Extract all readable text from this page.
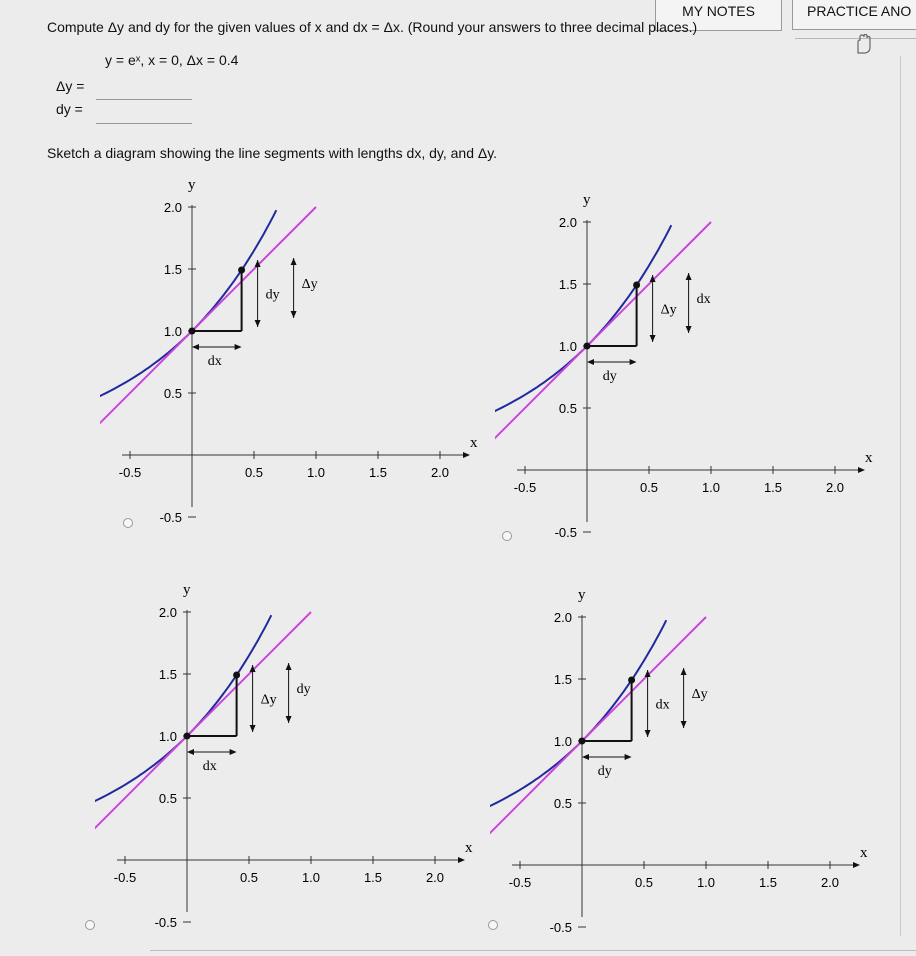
MY NOTES	PRACTICE ANO
Compute Δy and dy for the given values of x and dx = Δx. (Round your answers to three decimal places.)
y = eˣ, x = 0, Δx = 0.4
Δy =
dy =
Sketch a diagram showing the line segments with lengths dx, dy, and Δy.
x
y
-0.5	0.5	1.0	1.5	2.0
-0.5
0.5
1.0
1.5
2.0
dx
dy
Δy
x
y
-0.5	0.5	1.0	1.5	2.0
-0.5
0.5
1.0
1.5
2.0
dy
Δy
dx
x
y
-0.5	0.5	1.0	1.5	2.0
-0.5
0.5
1.0
1.5
2.0
dx
Δy
dy
x
y
-0.5	0.5	1.0	1.5	2.0
-0.5
0.5
1.0
1.5
2.0
dy
dx
Δy
